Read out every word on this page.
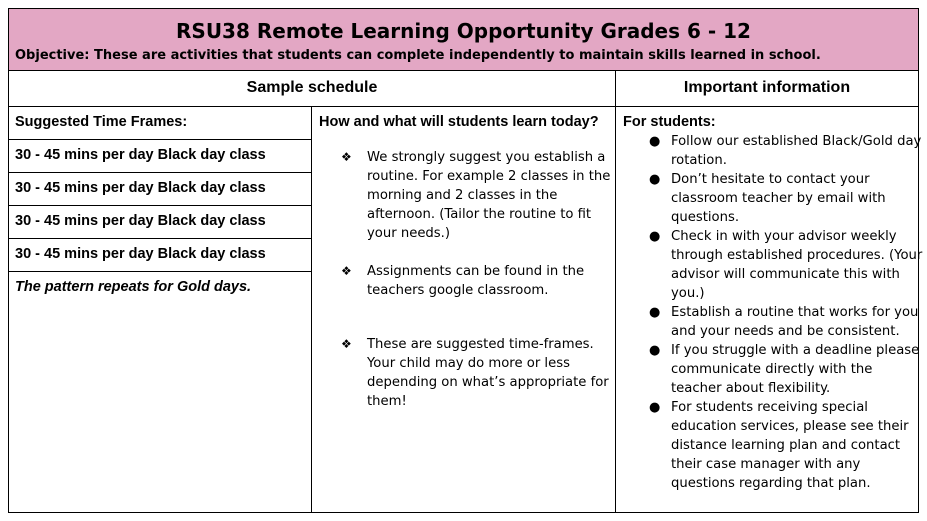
RSU38 Remote Learning Opportunity Grades 6 - 12
Objective: These are activities that students can complete independently to maintain skills learned in school.
Sample schedule	Important information
Suggested Time Frames:
30 - 45 mins per day Black day class
30 - 45 mins per day Black day class
30 - 45 mins per day Black day class
30 - 45 mins per day Black day class
The pattern repeats for Gold days.
How and what will students learn today?
❖ We strongly suggest you establish a routine. For example 2 classes in the morning and 2 classes in the afternoon. (Tailor the routine to fit your needs.)
❖ Assignments can be found in the teachers google classroom.
❖ These are suggested time-frames. Your child may do more or less depending on what’s appropriate for them!
For students:
● Follow our established Black/Gold day rotation.
● Don’t hesitate to contact your classroom teacher by email with questions.
● Check in with your advisor weekly through established procedures. (Your advisor will communicate this with you.)
● Establish a routine that works for you and your needs and be consistent.
● If you struggle with a deadline please communicate directly with the teacher about flexibility.
● For students receiving special education services, please see their distance learning plan and contact their case manager with any questions regarding that plan.
